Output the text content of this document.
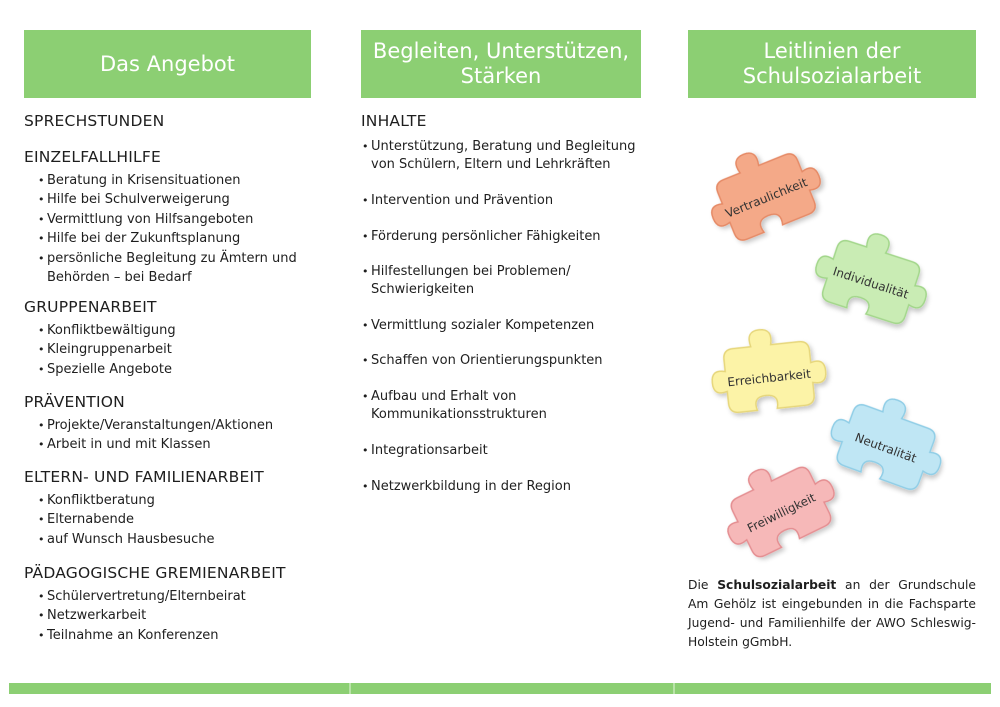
Das Angebot
SPRECHSTUNDEN
EINZELFALLHILFE
• Beratung in Krisensituationen
• Hilfe bei Schulverweigerung
• Vermittlung von Hilfsangeboten
• Hilfe bei der Zukunftsplanung
• persönliche Begleitung zu Ämtern und Behörden – bei Bedarf
GRUPPENARBEIT
• Konfliktbewältigung
• Kleingruppenarbeit
• Spezielle Angebote
PRÄVENTION
• Projekte/Veranstaltungen/Aktionen
• Arbeit in und mit Klassen
ELTERN- UND FAMILIENARBEIT
• Konfliktberatung
• Elternabende
• auf Wunsch Hausbesuche
PÄDAGOGISCHE GREMIENARBEIT
• Schülervertretung/Elternbeirat
• Netzwerkarbeit
• Teilnahme an Konferenzen
Begleiten, Unterstützen,
Stärken
INHALTE
• Unterstützung, Beratung und Begleitung von Schülern, Eltern und Lehrkräften
• Intervention und Prävention
• Förderung persönlicher Fähigkeiten
• Hilfestellungen bei Problemen/ Schwierigkeiten
• Vermittlung sozialer Kompetenzen
• Schaffen von Orientierungspunkten
• Aufbau und Erhalt von Kommunikationsstrukturen
• Integrationsarbeit
• Netzwerkbildung in der Region
Leitlinien der
Schulsozialarbeit
Vertraulichkeit
Individualität
Erreichbarkeit
Neutralität
Freiwilligkeit
Die Schulsozialarbeit an der Grundschule Am Gehölz ist eingebunden in die Fachsparte Jugend- und Familienhilfe der AWO Schleswig-Holstein gGmbH.
